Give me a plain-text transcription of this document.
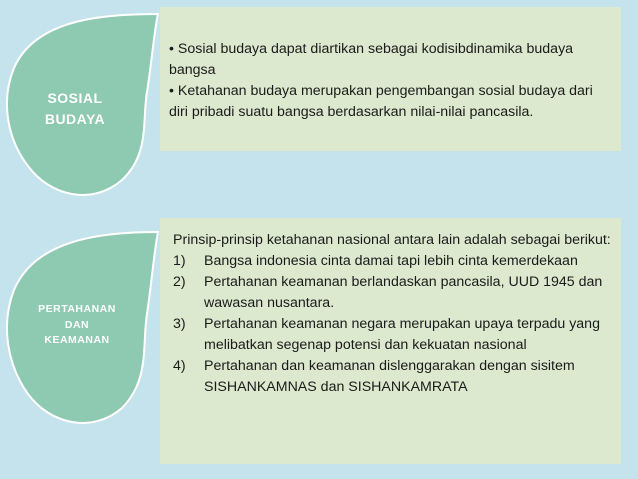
SOSIAL
BUDAYA

• Sosial budaya dapat diartikan sebagai kodisibdinamika budaya bangsa

• Ketahanan budaya merupakan pengembangan sosial budaya dari diri pribadi suatu bangsa berdasarkan nilai-nilai pancasila.

PERTAHANAN
DAN
KEAMANAN

Prinsip-prinsip ketahanan nasional antara lain adalah sebagai berikut:

1)	Bangsa indonesia cinta damai tapi lebih cinta kemerdekaan
2)	Pertahanan keamanan berlandaskan pancasila, UUD 1945 dan wawasan nusantara.
3)	Pertahanan keamanan negara merupakan upaya terpadu yang melibatkan segenap potensi dan kekuatan nasional
4)	Pertahanan dan keamanan dislenggarakan dengan sisitem SISHANKAMNAS dan SISHANKAMRATA
